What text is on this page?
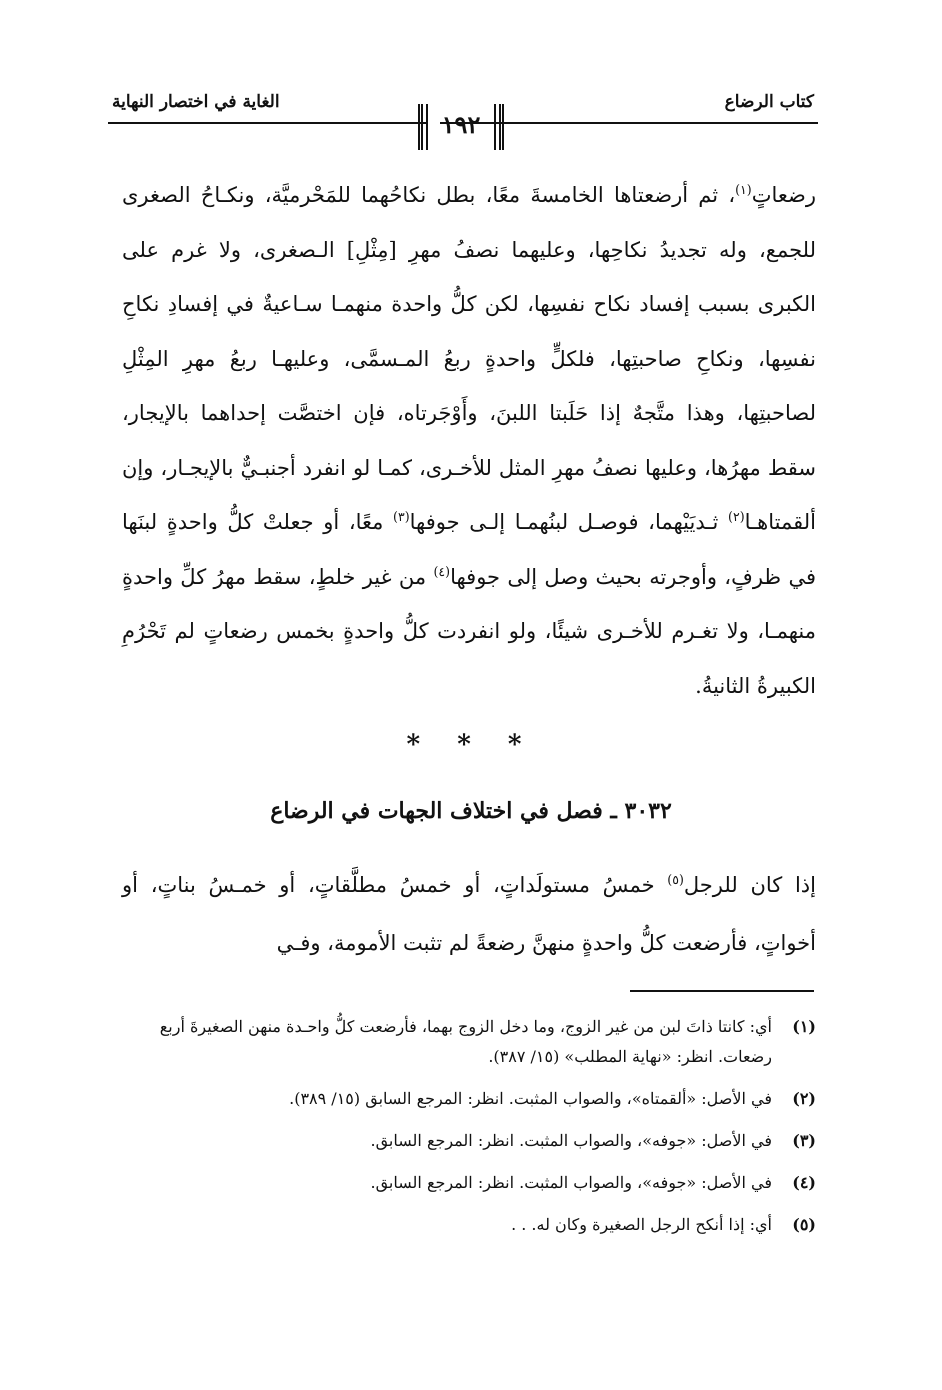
كتاب الرضاع
الغاية في اختصار النهاية
١٩٢

رضعاتٍ$^{(١)}$، ثم أرضعتاها الخامسةَ معًا، بطل نكاحُهما للمَحْرميَّة، ونكـاحُ الصغرى للجمع، وله تجديدُ نكاحِها، وعليهما نصفُ مهرِ [مِثْلِ] الـصغرى، ولا غرم على الكبرى بسبب إفساد نكاح نفسِها، لكن كلُّ واحدة منهمـا سـاعيةٌ في إفسادِ نكاحِ نفسِها، ونكاحِ صاحبتِها، فلكلٍّ واحدةٍ ربعُ المـسمَّى، وعليهـا ربعُ مهرِ المِثْلِ لصاحبتِها، وهذا متَّجهٌ إذا حَلَبتا اللبنَ، وأَوْجَرتاه، فإن اختصَّت إحداهما بالإيجار، سقط مهرُها، وعليها نصفُ مهرِ المثل للأخـرى، كمـا لو انفرد أجنبـيٌّ بالإيجـار، وإن ألقمتاهـا$^{(٢)}$ ثـديَيْهما، فوصـل لبنُهمـا إلـى جوفها$^{(٣)}$ معًا، أو جعلتْ كلُّ واحدةٍ لبنَها في ظرفٍ، وأوجرته بحيث وصل إلى جوفها$^{(٤)}$ من غير خلطٍ، سقط مهرُ كلِّ واحدةٍ منهمـا، ولا تغـرم للأخـرى شيئًا، ولو انفردت كلُّ واحدةٍ بخمس رضعاتٍ لم تَحْرُمِ الكبيرةُ الثانيةُ.

* * *
٣٠٣٢ ـ فصل في اختلاف الجهات في الرضاع

إذا كان للرجل$^{(٥)}$ خمسُ مستولَداتٍ، أو خمسُ مطلَّقاتٍ، أو خمـسُ بناتٍ، أو أخواتٍ، فأرضعت كلُّ واحدةٍ منهنَّ رضعةً لم تثبت الأمومة، وفـي

(١)
أي: كانتا ذاتَ لبن من غير الزوج، وما دخل الزوج بهما، فأرضعت كلُّ واحـدة منهن الصغيرةَ أربع رضعات. انظر: «نهاية المطلب» (١٥/ ٣٨٧).
(٢)
في الأصل: «ألقمتاه»، والصواب المثبت. انظر: المرجع السابق (١٥/ ٣٨٩).
(٣)
في الأصل: «جوفه»، والصواب المثبت. انظر: المرجع السابق.
(٤)
في الأصل: «جوفه»، والصواب المثبت. انظر: المرجع السابق.
(٥)
أي: إذا أنكح الرجل الصغيرة وكان له. . .
